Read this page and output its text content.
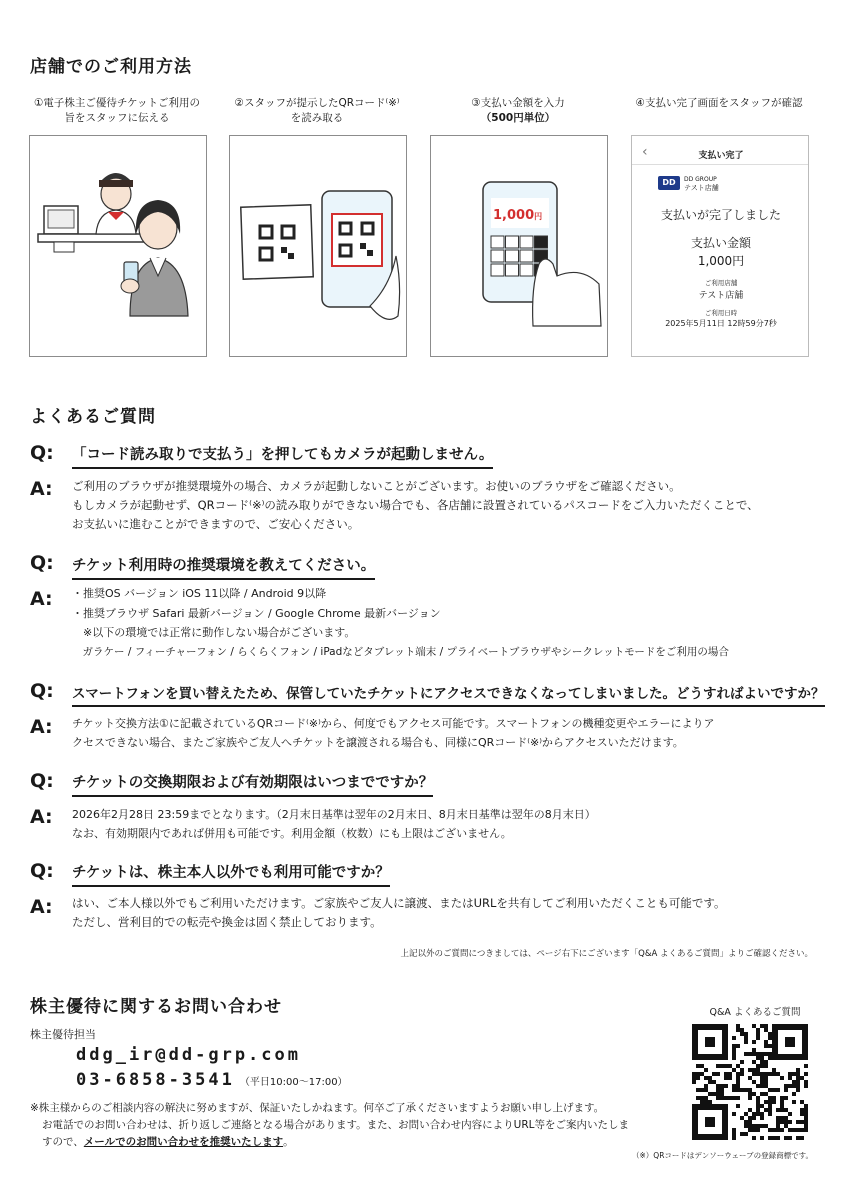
店舗でのご利用方法
①電子株主ご優待チケットご利用の
旨をスタッフに伝える
②スタッフが提示したQRコード⁽※⁾
を読み取る
③支払い金額を入力
（500円単位）
④支払い完了画面をスタッフが確認
1,000円
‹	支払い完了
DD	DD GROUP
テスト店舗
支払いが完了しました
支払い金額
1,000円
ご利用店舗
テスト店舗
ご利用日時
2025年5月11日 12時59分7秒
よくあるご質問
Q: 「コード読み取りで支払う」を押してもカメラが起動しません。
A: ご利用のブラウザが推奨環境外の場合、カメラが起動しないことがございます。お使いのブラウザをご確認ください。
もしカメラが起動せず、QRコード⁽※⁾の読み取りができない場合でも、各店舗に設置されているパスコードをご入力いただくことで、
お支払いに進むことができますので、ご安心ください。
Q: チケット利用時の推奨環境を教えてください。
A: ・推奨OS バージョン iOS 11以降 / Android 9以降
・推奨ブラウザ Safari 最新バージョン / Google Chrome 最新バージョン
　※以下の環境では正常に動作しない場合がございます。
　ガラケー / フィーチャーフォン / らくらくフォン / iPadなどタブレット端末 / プライベートブラウザやシークレットモードをご利用の場合
Q: スマートフォンを買い替えたため、保管していたチケットにアクセスできなくなってしまいました。どうすればよいですか？
A: チケット交換方法①に記載されているQRコード⁽※⁾から、何度でもアクセス可能です。スマートフォンの機種変更やエラーによりア
クセスできない場合、またご家族やご友人へチケットを譲渡される場合も、同様にQRコード⁽※⁾からアクセスいただけます。
Q: チケットの交換期限および有効期限はいつまでですか？
A: 2026年2月28日 23:59までとなります。（2月末日基準は翌年の2月末日、8月末日基準は翌年の8月末日）
なお、有効期限内であれば併用も可能です。利用金額（枚数）にも上限はございません。
Q: チケットは、株主本人以外でも利用可能ですか？
A: はい、ご本人様以外でもご利用いただけます。ご家族やご友人に譲渡、またはURLを共有してご利用いただくことも可能です。
ただし、営利目的での転売や換金は固く禁止しております。
上記以外のご質問につきましては、ページ右下にございます「Q&A よくあるご質問」よりご確認ください。
株主優待に関するお問い合わせ
株主優待担当
ddg_ir@dd-grp.com
03-6858-3541 （平日10:00〜17:00）
※株主様からのご相談内容の解決に努めますが、保証いたしかねます。何卒ご了承くださいますようお願い申し上げます。
お電話でのお問い合わせは、折り返しご連絡となる場合があります。また、お問い合わせ内容によりURL等をご案内いたしま
すので、メールでのお問い合わせを推奨いたします。
Q&A よくあるご質問
（※）QRコードはデンソーウェーブの登録商標です。
